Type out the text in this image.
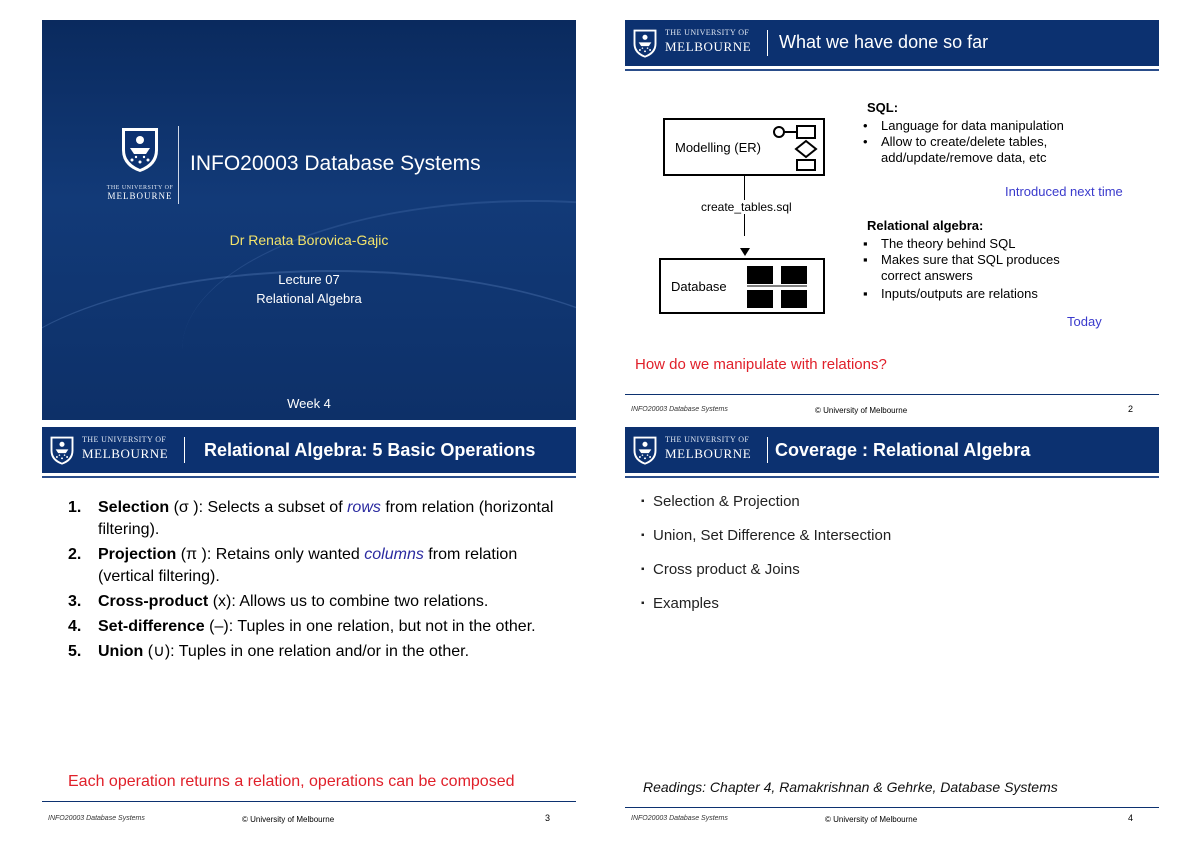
THE UNIVERSITY OF
MELBOURNE
INFO20003 Database Systems
Dr Renata Borovica-Gajic
Lecture 07
Relational Algebra
Week 4
THE UNIVERSITY OF
MELBOURNE What we have done so far
Modelling (ER)
create_tables.sql
Database
SQL:
• Language for data manipulation
• Allow to create/delete tables,
add/update/remove data, etc
Introduced next time
Relational algebra:
▪ The theory behind SQL
▪ Makes sure that SQL produces
correct answers
▪ Inputs/outputs are relations
Today
How do we manipulate with relations?
INFO20003 Database Systems	© University of Melbourne	2
THE UNIVERSITY OF
MELBOURNE Relational Algebra: 5 Basic Operations
1. Selection (σ ): Selects a subset of rows from relation (horizontal filtering).
2. Projection (π ): Retains only wanted columns from relation (vertical filtering).
3. Cross-product (x): Allows us to combine two relations.
4. Set-difference (–): Tuples in one relation, but not in the other.
5. Union (∪): Tuples in one relation and/or in the other.
Each operation returns a relation, operations can be composed
INFO20003 Database Systems	© University of Melbourne	3
THE UNIVERSITY OF
MELBOURNE Coverage : Relational Algebra
▪ Selection & Projection
▪ Union, Set Difference & Intersection
▪ Cross product & Joins
▪ Examples
Readings: Chapter 4, Ramakrishnan & Gehrke, Database Systems
INFO20003 Database Systems	© University of Melbourne	4
